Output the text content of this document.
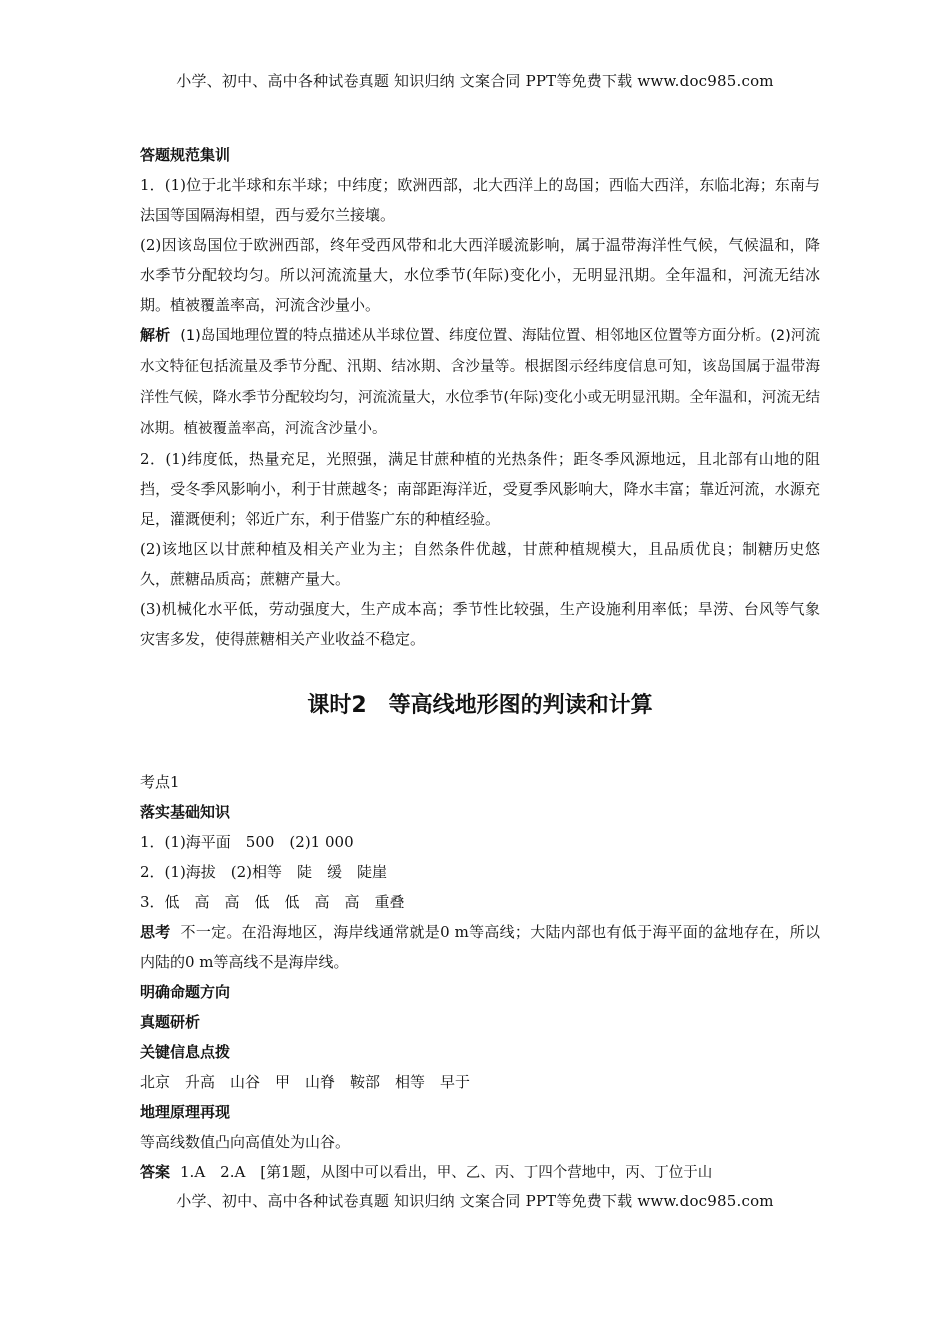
小学、初中、高中各种试卷真题 知识归纳 文案合同 PPT等免费下载 www.doc985.com

答题规范集训

1．(1)位于北半球和东半球；中纬度；欧洲西部，北大西洋上的岛国；西临大西洋，东临北海；东南与法国等国隔海相望，西与爱尔兰接壤。

(2)因该岛国位于欧洲西部，终年受西风带和北大西洋暖流影响，属于温带海洋性气候，气候温和，降水季节分配较均匀。所以河流流量大，水位季节(年际)变化小，无明显汛期。全年温和，河流无结冰期。植被覆盖率高，河流含沙量小。

解析 (1)岛国地理位置的特点描述从半球位置、纬度位置、海陆位置、相邻地区位置等方面分析。(2)河流水文特征包括流量及季节分配、汛期、结冰期、含沙量等。根据图示经纬度信息可知，该岛国属于温带海洋性气候，降水季节分配较均匀，河流流量大，水位季节(年际)变化小或无明显汛期。全年温和，河流无结冰期。植被覆盖率高，河流含沙量小。

2．(1)纬度低，热量充足，光照强，满足甘蔗种植的光热条件；距冬季风源地远，且北部有山地的阻挡，受冬季风影响小，利于甘蔗越冬；南部距海洋近，受夏季风影响大，降水丰富；靠近河流，水源充足，灌溉便利；邻近广东，利于借鉴广东的种植经验。

(2)该地区以甘蔗种植及相关产业为主；自然条件优越，甘蔗种植规模大，且品质优良；制糖历史悠久，蔗糖品质高；蔗糖产量大。

(3)机械化水平低，劳动强度大，生产成本高；季节性比较强，生产设施利用率低；旱涝、台风等气象灾害多发，使得蔗糖相关产业收益不稳定。

课时2　等高线地形图的判读和计算

考点1

落实基础知识

1．(1)海平面　500　(2)1 000

2．(1)海拔　(2)相等　陡　缓　陡崖

3．低　高　高　低　低　高　高　重叠

思考 不一定。在沿海地区，海岸线通常就是0 m等高线；大陆内部也有低于海平面的盆地存在，所以内陆的0 m等高线不是海岸线。

明确命题方向

真题研析

关键信息点拨

北京　升高　山谷　甲　山脊　鞍部　相等　早于

地理原理再现

等高线数值凸向高值处为山谷。

答案 1.A　2.A　[第1题，从图中可以看出，甲、乙、丙、丁四个营地中，丙、丁位于山

小学、初中、高中各种试卷真题 知识归纳 文案合同 PPT等免费下载 www.doc985.com
